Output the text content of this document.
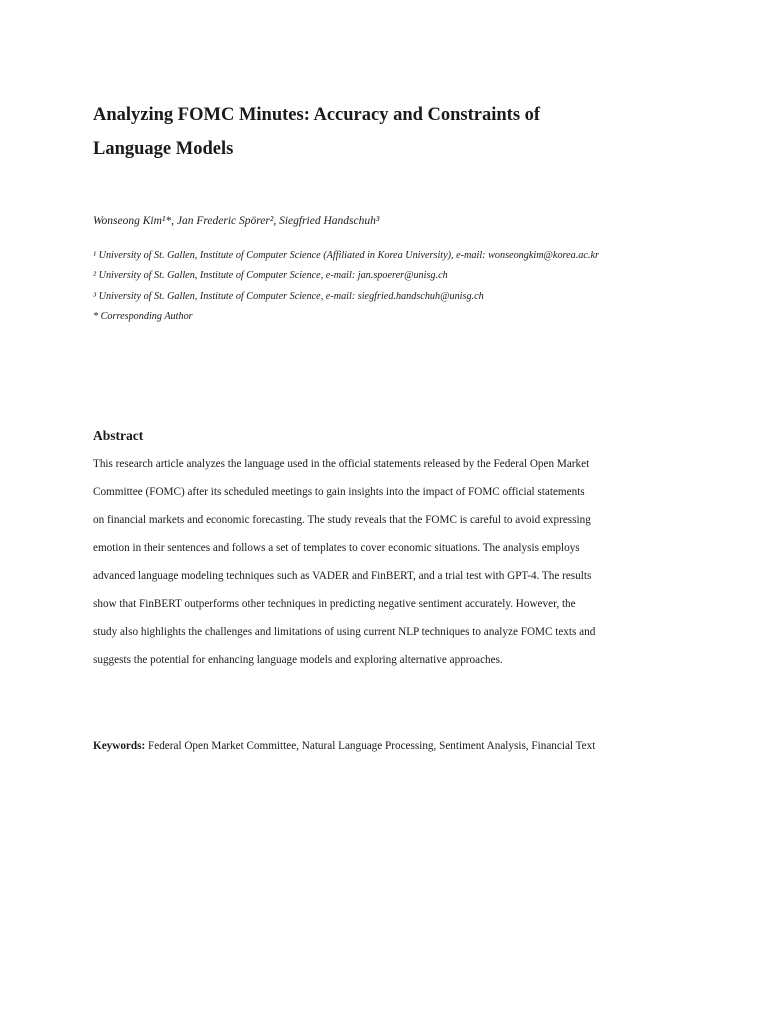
Analyzing FOMC Minutes: Accuracy and Constraints of
Language Models

Wonseong Kim¹*, Jan Frederic Spörer², Siegfried Handschuh³

¹ University of St. Gallen, Institute of Computer Science (Affiliated in Korea University), e-mail: wonseongkim@korea.ac.kr
² University of St. Gallen, Institute of Computer Science, e-mail: jan.spoerer@unisg.ch
³ University of St. Gallen, Institute of Computer Science, e-mail: siegfried.handschuh@unisg.ch
* Corresponding Author
Abstract

This research article analyzes the language used in the official statements released by the Federal Open Market
Committee (FOMC) after its scheduled meetings to gain insights into the impact of FOMC official statements
on financial markets and economic forecasting. The study reveals that the FOMC is careful to avoid expressing
emotion in their sentences and follows a set of templates to cover economic situations. The analysis employs
advanced language modeling techniques such as VADER and FinBERT, and a trial test with GPT-4. The results
show that FinBERT outperforms other techniques in predicting negative sentiment accurately. However, the
study also highlights the challenges and limitations of using current NLP techniques to analyze FOMC texts and
suggests the potential for enhancing language models and exploring alternative approaches.

Keywords: Federal Open Market Committee, Natural Language Processing, Sentiment Analysis, Financial Text
